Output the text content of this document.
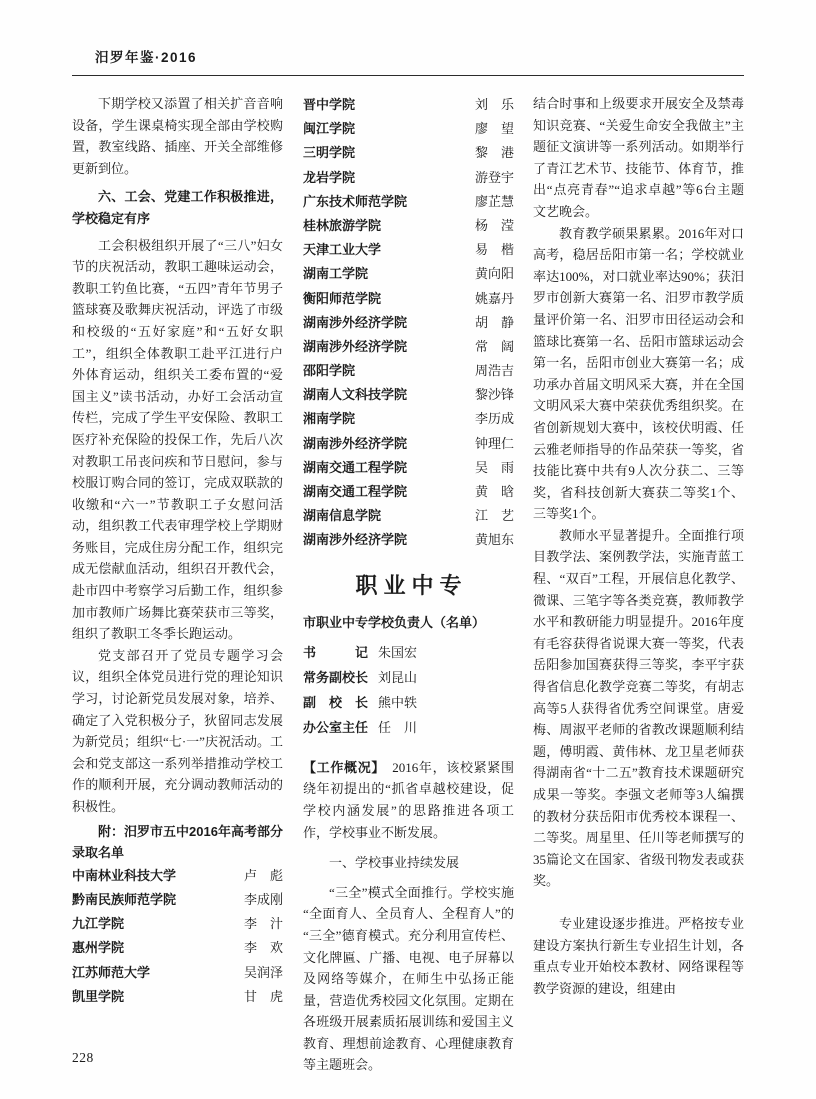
汨罗年鉴·2016

下期学校又添置了相关扩音音响设备，学生课桌椅实现全部由学校购置，教室线路、插座、开关全部维修更新到位。

六、工会、党建工作积极推进，学校稳定有序

工会积极组织开展了“三八”妇女节的庆祝活动，教职工趣味运动会，教职工钓鱼比赛，“五四”青年节男子篮球赛及歌舞庆祝活动，评选了市级和校级的“五好家庭”和“五好女职工”，组织全体教职工赴平江进行户外体育运动，组织关工委布置的“爱国主义”读书活动，办好工会活动宣传栏，完成了学生平安保险、教职工医疗补充保险的投保工作，先后八次对教职工吊丧问疾和节日慰问，参与校服订购合同的签订，完成双联款的收缴和“六一”节教职工子女慰问活动，组织教工代表审理学校上学期财务账目，完成住房分配工作，组织完成无偿献血活动，组织召开教代会，赴市四中考察学习后勤工作，组织参加市教师广场舞比赛荣获市三等奖，组织了教职工冬季长跑运动。

党支部召开了党员专题学习会议，组织全体党员进行党的理论知识学习，讨论新党员发展对象，培养、确定了入党积极分子，狄留同志发展为新党员；组织“七·一”庆祝活动。工会和党支部这一系列举措推动学校工作的顺利开展，充分调动教师活动的积极性。

附：汨罗市五中2016年高考部分录取名单

中南林业科技大学	卢　彪
黔南民族师范学院	李成刚
九江学院	李　汁
惠州学院	李　欢
江苏师范大学	吴润泽
凯里学院	甘　虎
晋中学院	刘　乐
闽江学院	廖　望
三明学院	黎　港
龙岩学院	游登宇
广东技术师范学院	廖芷慧
桂林旅游学院	杨　滢
天津工业大学	易　楷
湖南工学院	黄向阳
衡阳师范学院	姚嘉丹
湖南涉外经济学院	胡　静
湖南涉外经济学院	常　阔
邵阳学院	周浩吉
湖南人文科技学院	黎沙锋
湘南学院	李历成
湖南涉外经济学院	钟理仁
湖南交通工程学院	吴　雨
湖南交通工程学院	黄　晗
湖南信息学院	江　艺
湖南涉外经济学院	黄旭东
职业中专

市职业中专学校负责人（名单）

书　　　记 朱国宏
常务副校长 刘昆山
副　校　长 熊中轶
办公室主任 任　川

【工作概况】　2016年，该校紧紧围绕年初提出的“抓省卓越校建设，促学校内涵发展”的思路推进各项工作，学校事业不断发展。

一、学校事业持续发展

“三全”模式全面推行。学校实施“全面育人、全员育人、全程育人”的“三全”德育模式。充分利用宣传栏、文化牌匾、广播、电视、电子屏幕以及网络等媒介，在师生中弘扬正能量，营造优秀校园文化氛围。定期在各班级开展素质拓展训练和爱国主义教育、理想前途教育、心理健康教育等主题班会。

结合时事和上级要求开展安全及禁毒知识竞赛、“关爱生命安全我做主”主题征文演讲等一系列活动。如期举行了青江艺术节、技能节、体育节，推出“点亮青春”“追求卓越”等6台主题文艺晚会。

教育教学硕果累累。2016年对口高考，稳居岳阳市第一名；学校就业率达100%，对口就业率达90%；获汨罗市创新大赛第一名、汨罗市教学质量评价第一名、汨罗市田径运动会和篮球比赛第一名、岳阳市篮球运动会第一名，岳阳市创业大赛第一名；成功承办首届文明风采大赛，并在全国文明风采大赛中荣获优秀组织奖。在省创新规划大赛中，该校伏明霞、任云雅老师指导的作品荣获一等奖，省技能比赛中共有9人次分获二、三等奖，省科技创新大赛获二等奖1个、三等奖1个。

教师水平显著提升。全面推行项目教学法、案例教学法，实施青蓝工程、“双百”工程，开展信息化教学、微课、三笔字等各类竞赛，教师教学水平和教研能力明显提升。2016年度有毛容获得省说课大赛一等奖，代表岳阳参加国赛获得三等奖，李平宇获得省信息化教学竞赛二等奖，有胡志高等5人获得省优秀空间课堂。唐爱梅、周淑平老师的省教改课题顺利结题，傅明霞、黄伟林、龙卫星老师获得湖南省“十二五”教育技术课题研究成果一等奖。李强文老师等3人编撰的教材分获岳阳市优秀校本课程一、二等奖。周星里、任川等老师撰写的35篇论文在国家、省级刊物发表或获奖。

专业建设逐步推进。严格按专业建设方案执行新生专业招生计划，各重点专业开始校本教材、网络课程等教学资源的建设，组建由

228
